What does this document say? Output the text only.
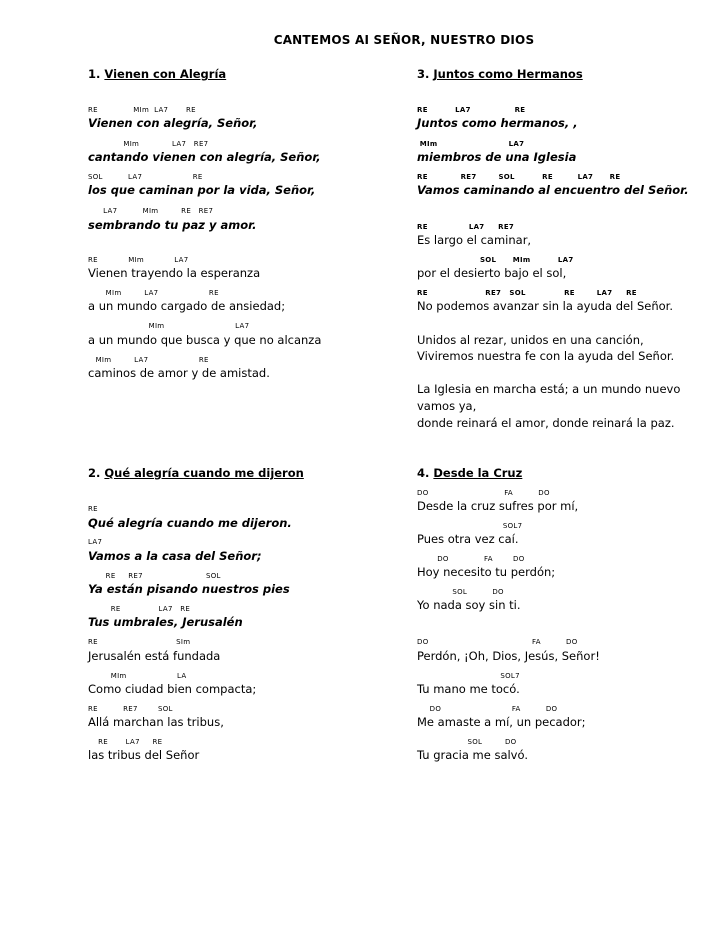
CANTEMOS AI SEÑOR, NUESTRO DIOS
1. Vienen con Alegría
RE              MIm  LA7       RE
Vienen con alegría, Señor,
MIm             LA7   RE7
cantando vienen con alegría, Señor,
SOL          LA7                    RE
los que caminan por la vida, Señor,
LA7          MIm         RE   RE7
sembrando tu paz y amor.
RE            MIm            LA7
Vienen trayendo la esperanza
MIm         LA7                    RE
a un mundo cargado de ansiedad;
MIm                            LA7
a un mundo que busca y que no alcanza
MIm         LA7                    RE
caminos de amor y de amistad.
2. Qué alegría cuando me dijeron
RE
Qué alegría cuando me dijeron.
LA7
Vamos a la casa del Señor;
RE     RE7                         SOL
Ya están pisando nuestros pies
RE               LA7   RE
Tus umbrales, Jerusalén
RE                               SIm
Jerusalén está fundada
MIm                    LA
Como ciudad bien compacta;
RE          RE7        SOL
Allá marchan las tribus,
RE       LA7     RE
las tribus del Señor
3. Juntos como Hermanos
RE          LA7                RE
Juntos como hermanos, ,
MIm                          LA7
miembros de una Iglesia
RE            RE7        SOL          RE         LA7      RE
Vamos caminando al encuentro del Señor.
RE               LA7     RE7
Es largo el caminar,
SOL      MIm          LA7
por el desierto bajo el sol,
RE                     RE7   SOL              RE        LA7     RE
No podemos avanzar sin la ayuda del Señor.
Unidos al rezar, unidos en una canción,
Viviremos nuestra fe con la ayuda del Señor.
La Iglesia en marcha está; a un mundo nuevo
vamos ya,
donde reinará el amor, donde reinará la paz.
4. Desde la Cruz
DO                              FA          DO
Desde la cruz sufres por mí,
SOL7
Pues otra vez caí.
DO              FA        DO
Hoy necesito tu perdón;
SOL          DO
Yo nada soy sin ti.
DO                                         FA          DO
Perdón, ¡Oh, Dios, Jesús, Señor!
SOL7
Tu mano me tocó.
DO                            FA          DO
Me amaste a mí, un pecador;
SOL         DO
Tu gracia me salvó.
